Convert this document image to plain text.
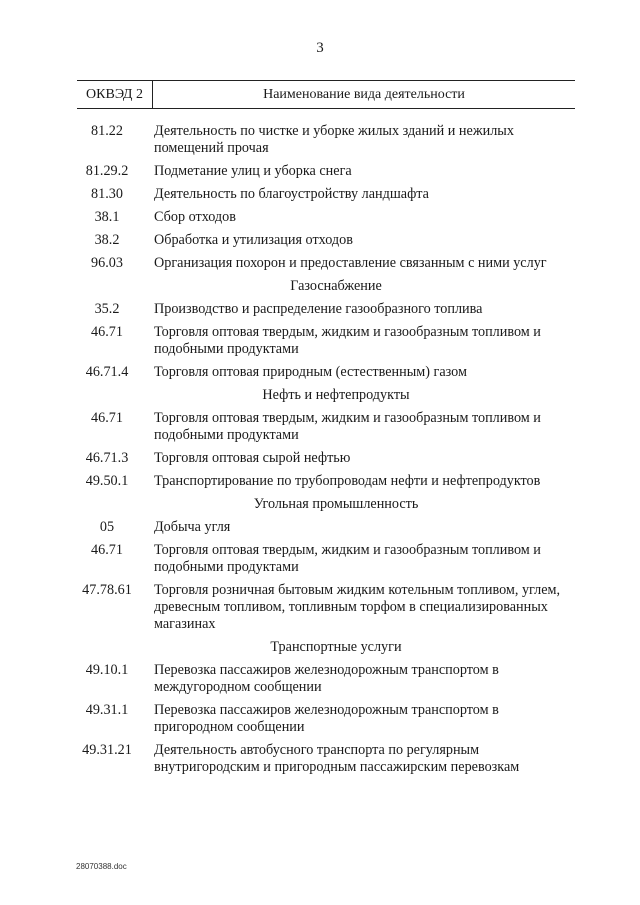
3
ОКВЭД 2	Наименование вида деятельности
81.22	Деятельность по чистке и уборке жилых зданий и нежилых помещений прочая
81.29.2	Подметание улиц и уборка снега
81.30	Деятельность по благоустройству ландшафта
38.1	Сбор отходов
38.2	Обработка и утилизация отходов
96.03	Организация похорон и предоставление связанным с ними услуг
Газоснабжение
35.2	Производство и распределение газообразного топлива
46.71	Торговля оптовая твердым, жидким и газообразным топливом и подобными продуктами
46.71.4	Торговля оптовая природным (естественным) газом
Нефть и нефтепродукты
46.71	Торговля оптовая твердым, жидким и газообразным топливом и подобными продуктами
46.71.3	Торговля оптовая сырой нефтью
49.50.1	Транспортирование по трубопроводам нефти и нефтепродуктов
Угольная промышленность
05	Добыча угля
46.71	Торговля оптовая твердым, жидким и газообразным топливом и подобными продуктами
47.78.61	Торговля розничная бытовым жидким котельным топливом, углем, древесным топливом, топливным торфом в специализированных магазинах
Транспортные услуги
49.10.1	Перевозка пассажиров железнодорожным транспортом в междугородном сообщении
49.31.1	Перевозка пассажиров железнодорожным транспортом в пригородном сообщении
49.31.21	Деятельность автобусного транспорта по регулярным внутригородским и пригородным пассажирским перевозкам
28070388.doc
